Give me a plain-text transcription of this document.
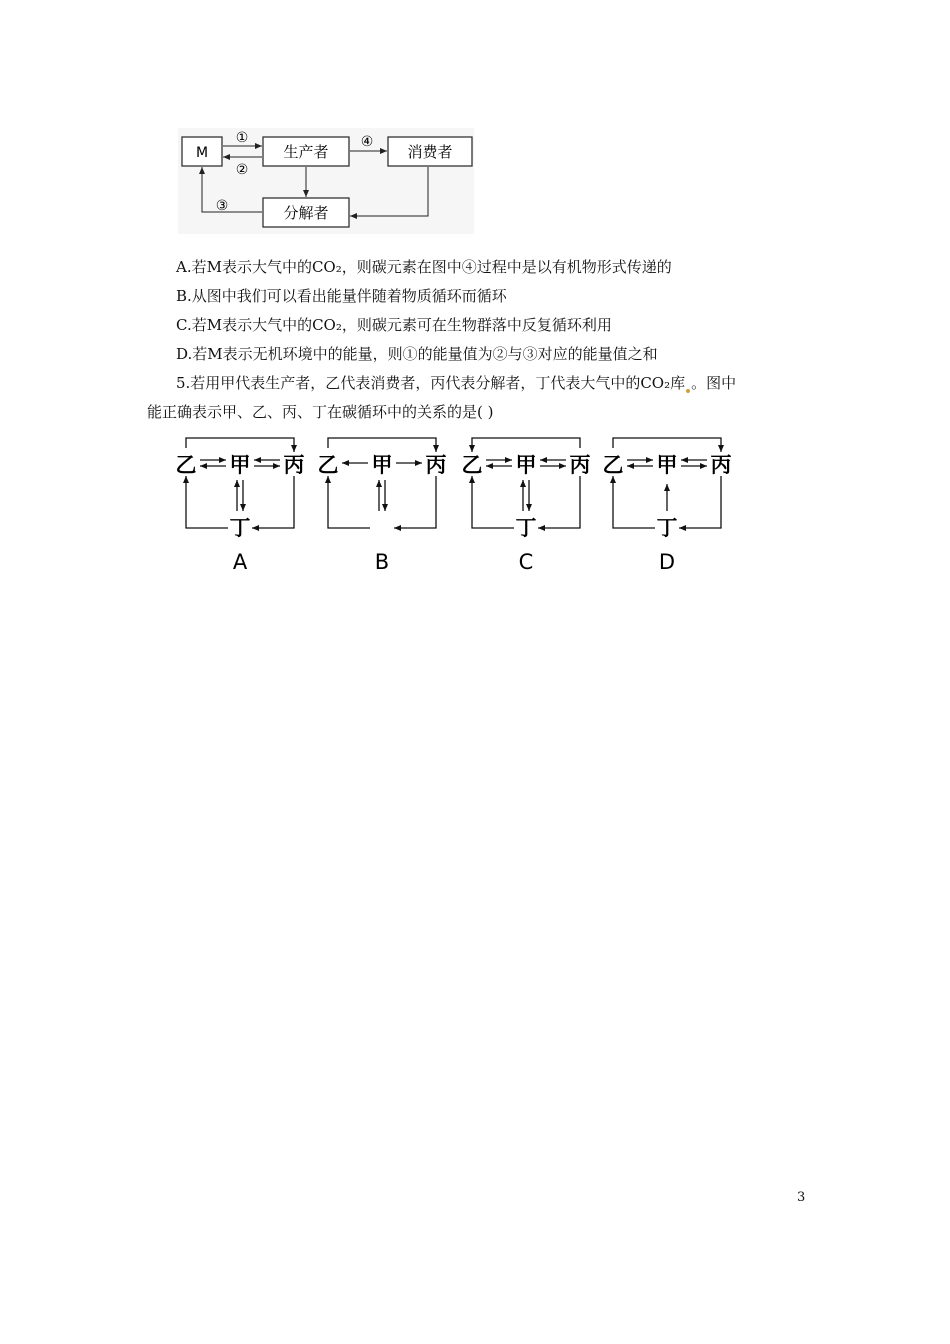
M	生产者	消费者
分解者
①
②
③
④
A.若M表示大气中的CO₂，则碳元素在图中④过程中是以有机物形式传递的
B.从图中我们可以看出能量伴随着物质循环而循环
C.若M表示大气中的CO₂，则碳元素可在生物群落中反复循环利用
D.若M表示无机环境中的能量，则①的能量值为②与③对应的能量值之和
5.若用甲代表生产者，乙代表消费者，丙代表分解者，丁代表大气中的CO₂库 。图中
能正确表示甲、乙、丙、丁在碳循环中的关系的是( )
乙 甲 丙
丁
A
乙 甲 丙
B
乙 甲 丙
丁
C
乙 甲 丙
丁
D
3
